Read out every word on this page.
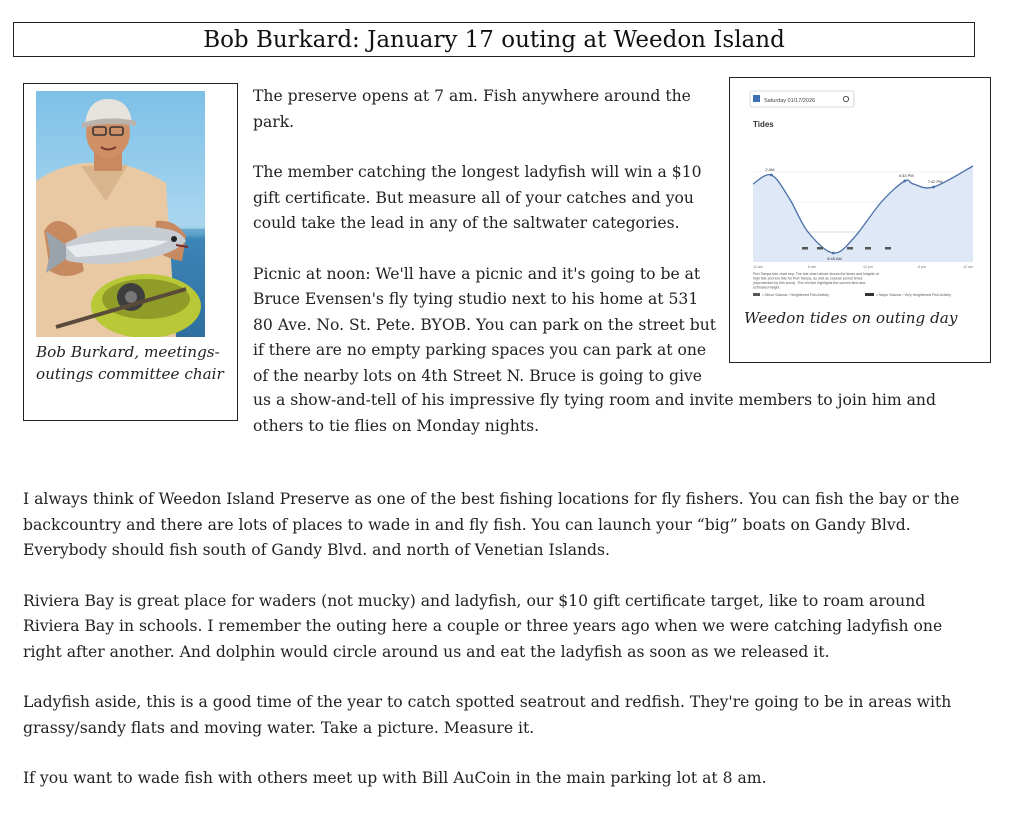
Bob Burkard: January 17 outing at Weedon Island
Bob Burkard, meetings-outings committee chair

The preserve opens at 7 am. Fish anywhere around the park.

The member catching the longest ladyfish will win a $10 gift certificate. But measure all of your catches and you could take the lead in any of the saltwater categories.

Picnic at noon: We'll have a picnic and it's going to be at Bruce Evensen's fly tying studio next to his home at 531 80 Ave. No. St. Pete. BYOB. You can park on the street but if there are no empty parking spaces you can park at one of the nearby lots on 4th Street N. Bruce is going to give

us a show-and-tell of his impressive fly tying room and invite members to join him and others to tie flies on Monday nights.
Saturday 01/17/2026
Tides
2 AM
8:45 AM
4:33 PM
7:42 PM
12 am	6 am	12 pm	6 pm	12 am
Port Tampa tide chart key: The tide chart above shows the times and heights of high tide and low tide for Port Tampa, as well as solunar period times (represented by fish icons). The red line highlights the current time and estimated height.
= Minor Solunar / Heightened Fish Activity	= Major Solunar / Very Heightened Fish Activity
Weedon tides on outing day

I always think of Weedon Island Preserve as one of the best fishing locations for fly fishers. You can fish the bay or the backcountry and there are lots of places to wade in and fly fish. You can launch your “big” boats on Gandy Blvd. Everybody should fish south of Gandy Blvd. and north of Venetian Islands.

Riviera Bay is great place for waders (not mucky) and ladyfish, our $10 gift certificate target, like to roam around Riviera Bay in schools. I remember the outing here a couple or three years ago when we were catching ladyfish one right after another. And dolphin would circle around us and eat the ladyfish as soon as we released it.

Ladyfish aside, this is a good time of the year to catch spotted seatrout and redfish. They're going to be in areas with grassy/sandy flats and moving water. Take a picture. Measure it.

If you want to wade fish with others meet up with Bill AuCoin in the main parking lot at 8 am.
